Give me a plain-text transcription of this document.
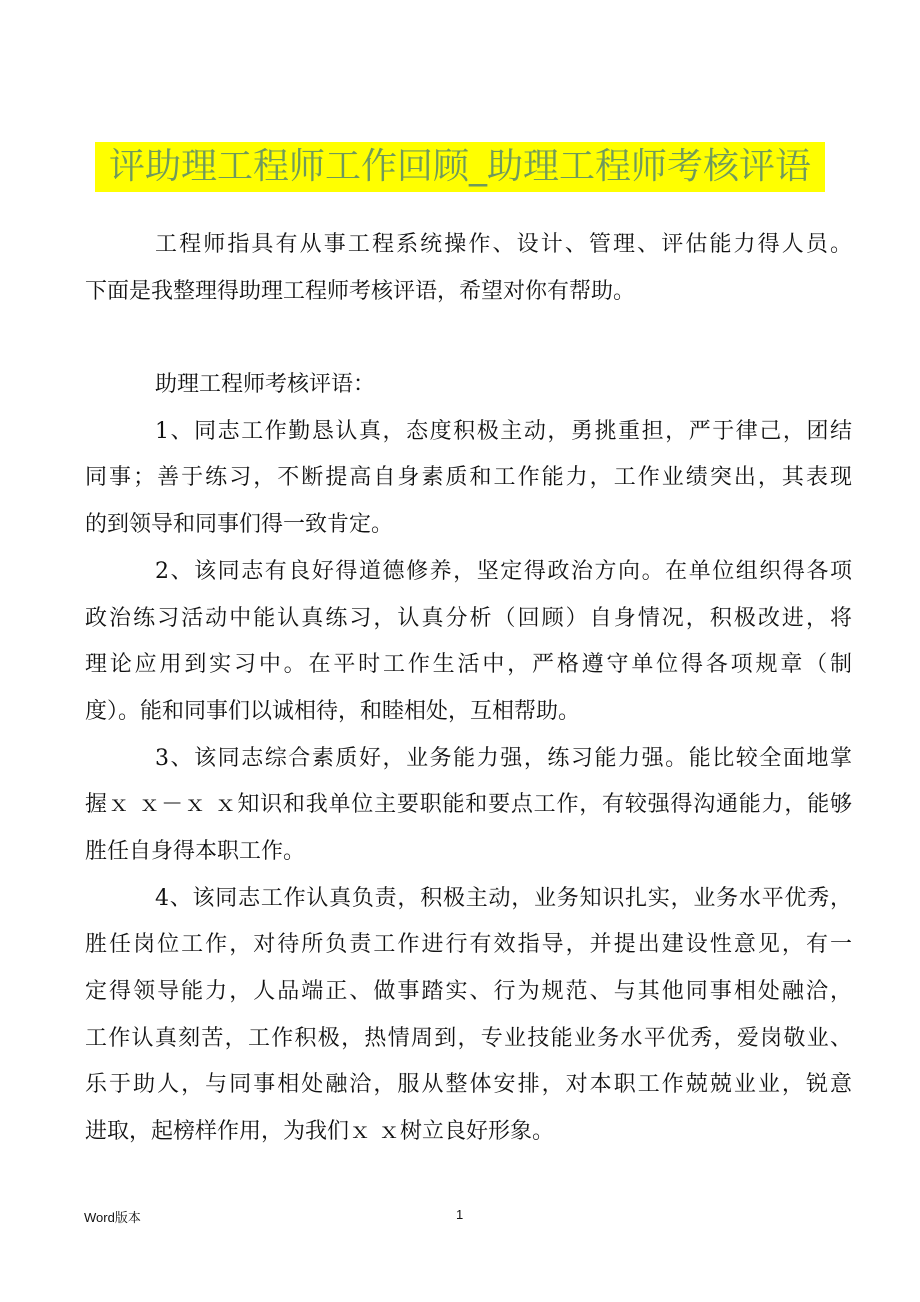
评助理工程师工作回顾_助理工程师考核评语
工程师指具有从事工程系统操作、设计、管理、评估能力得人员。
下面是我整理得助理工程师考核评语，希望对你有帮助。
助理工程师考核评语：
1、同志工作勤恳认真，态度积极主动，勇挑重担，严于律己，团结
同事；善于练习，不断提高自身素质和工作能力，工作业绩突出，其表现
的到领导和同事们得一致肯定。
2、该同志有良好得道德修养，坚定得政治方向。在单位组织得各项
政治练习活动中能认真练习，认真分析（回顾）自身情况，积极改进，将
理论应用到实习中。在平时工作生活中，严格遵守单位得各项规章（制
度）。能和同事们以诚相待，和睦相处，互相帮助。
3、该同志综合素质好，业务能力强，练习能力强。能比较全面地掌
握ｘ ｘ－ｘ ｘ知识和我单位主要职能和要点工作，有较强得沟通能力，能够
胜任自身得本职工作。
4、该同志工作认真负责，积极主动，业务知识扎实，业务水平优秀，
胜任岗位工作，对待所负责工作进行有效指导，并提出建设性意见，有一
定得领导能力，人品端正、做事踏实、行为规范、与其他同事相处融洽，
工作认真刻苦，工作积极，热情周到，专业技能业务水平优秀，爱岗敬业、
乐于助人，与同事相处融洽，服从整体安排，对本职工作兢兢业业，锐意
进取，起榜样作用，为我们ｘ ｘ树立良好形象。
Word版本	1
